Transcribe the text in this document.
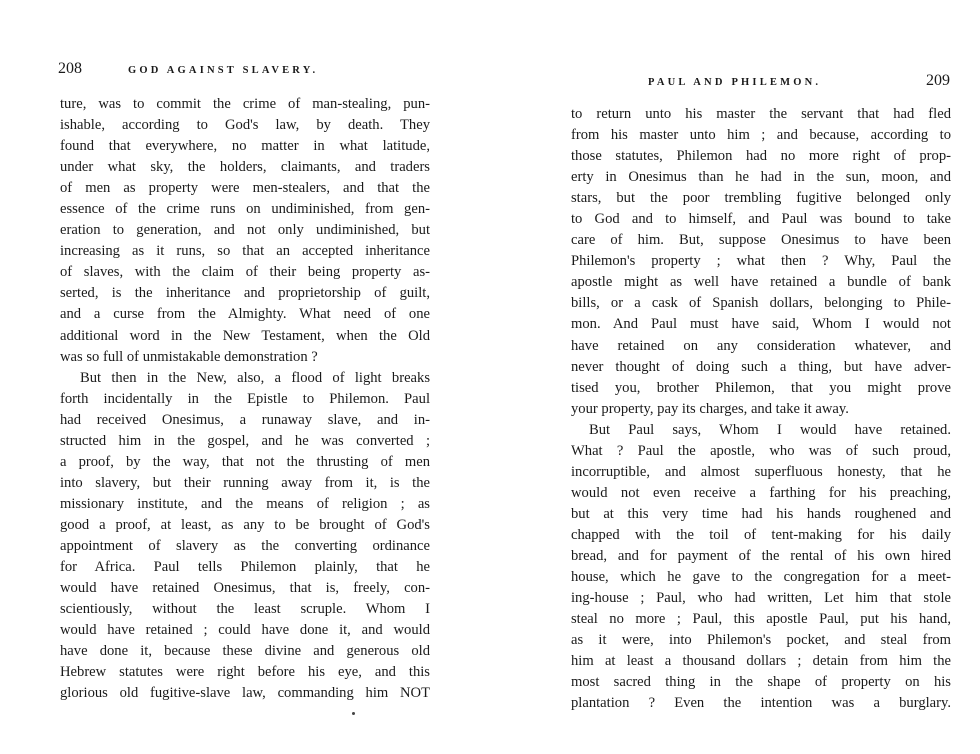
208	GOD AGAINST SLAVERY.
ture, was to commit the crime of man-stealing, pun-
ishable, according to God's law, by death. They
found that everywhere, no matter in what latitude,
under what sky, the holders, claimants, and traders
of men as property were men-stealers, and that the
essence of the crime runs on undiminished, from gen-
eration to generation, and not only undiminished, but
increasing as it runs, so that an accepted inheritance
of slaves, with the claim of their being property as-
serted, is the inheritance and proprietorship of guilt,
and a curse from the Almighty. What need of one
additional word in the New Testament, when the Old
was so full of unmistakable demonstration ?
But then in the New, also, a flood of light breaks
forth incidentally in the Epistle to Philemon. Paul
had received Onesimus, a runaway slave, and in-
structed him in the gospel, and he was converted ;
a proof, by the way, that not the thrusting of men
into slavery, but their running away from it, is the
missionary institute, and the means of religion ; as
good a proof, at least, as any to be brought of God's
appointment of slavery as the converting ordinance
for Africa. Paul tells Philemon plainly, that he
would have retained Onesimus, that is, freely, con-
scientiously, without the least scruple. Whom I
would have retained ; could have done it, and would
have done it, because these divine and generous old
Hebrew statutes were right before his eye, and this
glorious old fugitive-slave law, commanding him NOT
PAUL AND PHILEMON.	209
to return unto his master the servant that had fled
from his master unto him ; and because, according to
those statutes, Philemon had no more right of prop-
erty in Onesimus than he had in the sun, moon, and
stars, but the poor trembling fugitive belonged only
to God and to himself, and Paul was bound to take
care of him. But, suppose Onesimus to have been
Philemon's property ; what then ? Why, Paul the
apostle might as well have retained a bundle of bank
bills, or a cask of Spanish dollars, belonging to Phile-
mon. And Paul must have said, Whom I would not
have retained on any consideration whatever, and
never thought of doing such a thing, but have adver-
tised you, brother Philemon, that you might prove
your property, pay its charges, and take it away.
But Paul says, Whom I would have retained.
What ? Paul the apostle, who was of such proud,
incorruptible, and almost superfluous honesty, that he
would not even receive a farthing for his preaching,
but at this very time had his hands roughened and
chapped with the toil of tent-making for his daily
bread, and for payment of the rental of his own hired
house, which he gave to the congregation for a meet-
ing-house ; Paul, who had written, Let him that stole
steal no more ; Paul, this apostle Paul, put his hand,
as it were, into Philemon's pocket, and steal from
him at least a thousand dollars ; detain from him the
most sacred thing in the shape of property on his
plantation ? Even the intention was a burglary.
